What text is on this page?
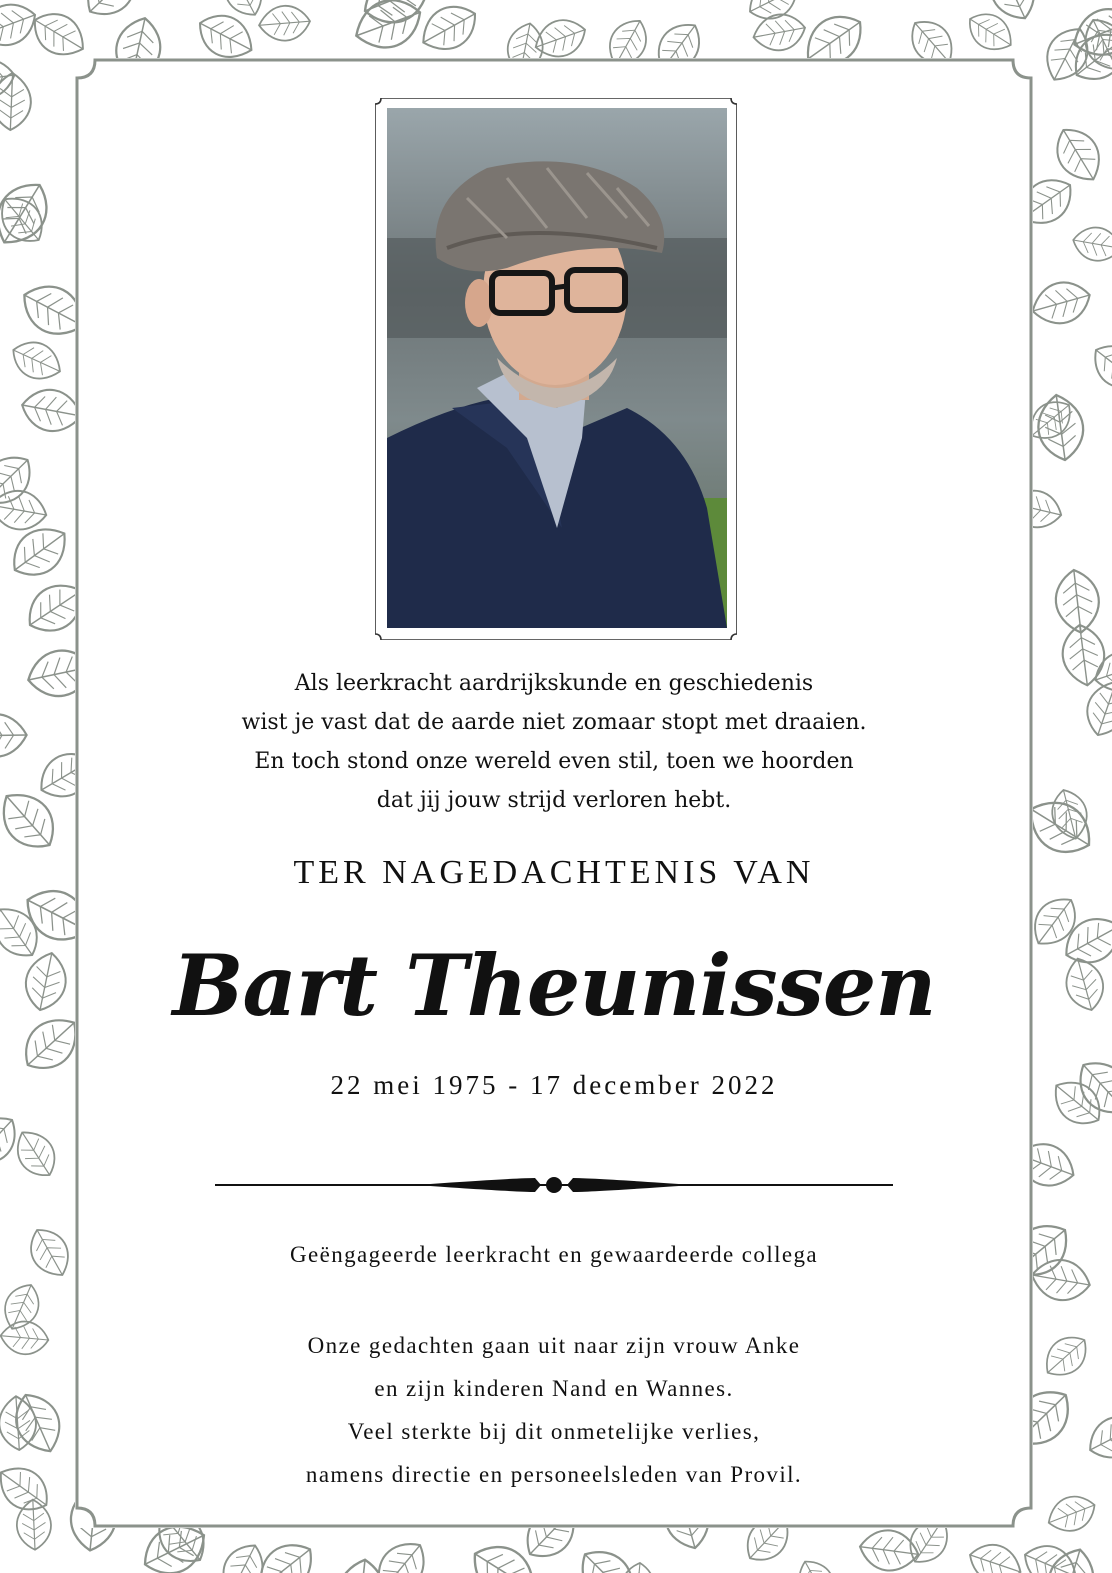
Als leerkracht aardrijkskunde en geschiedenis
wist je vast dat de aarde niet zomaar stopt met draaien.
En toch stond onze wereld even stil, toen we hoorden
dat jij jouw strijd verloren hebt.
TER NAGEDACHTENIS VAN
Bart Theunissen
22 mei 1975 - 17 december 2022
Geëngageerde leerkracht en gewaardeerde collega
Onze gedachten gaan uit naar zijn vrouw Anke
en zijn kinderen Nand en Wannes.
Veel sterkte bij dit onmetelijke verlies,
namens directie en personeelsleden van Provil.
